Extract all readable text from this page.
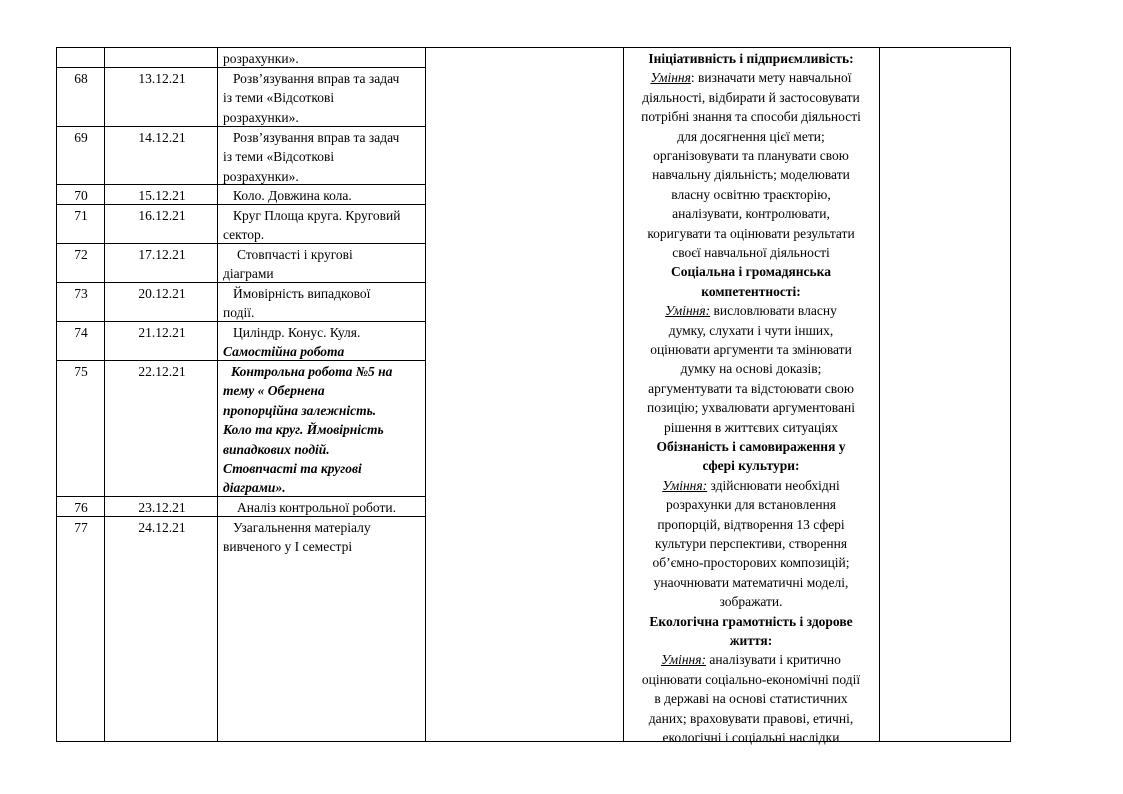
розрахунки».
68	13.12.21	Розв’язування вправ та задач
із теми «Відсоткові
розрахунки».
69	14.12.21	Розв’язування вправ та задач
із теми «Відсоткові
розрахунки».
70	15.12.21	Коло. Довжина кола.
71	16.12.21	Круг Площа круга. Круговий
сектор.
72	17.12.21	Стовпчасті і кругові
діаграми
73	20.12.21	Ймовірність випадкової
події.
74	21.12.21	Циліндр. Конус. Куля.
Самостійна робота
75	22.12.21	Контрольна робота №5 на
тему « Обернена
пропорційна залежність.
Коло та круг. Ймовірність
випадкових подій.
Стовпчасті та кругові
діаграми».
76	23.12.21	Аналіз контрольної роботи.
77	24.12.21	Узагальнення матеріалу
вивченого у І семестрі
Ініціативність і підприємливість:
Уміння: визначати мету навчальної
діяльності, відбирати й застосовувати
потрібні знання та способи діяльності
для досягнення цієї мети;
організовувати та планувати свою
навчальну діяльність; моделювати
власну освітню траєкторію,
аналізувати, контролювати,
коригувати та оцінювати результати
своєї навчальної діяльності
Соціальна і громадянська
компетентності:
Уміння: висловлювати власну
думку, слухати і чути інших,
оцінювати аргументи та змінювати
думку на основі доказів;
аргументувати та відстоювати свою
позицію; ухвалювати аргументовані
рішення в життєвих ситуаціях
Обізнаність і самовираження у
сфері культури:
Уміння: здійснювати необхідні
розрахунки для встановлення
пропорцій, відтворення 13 сфері
культури перспективи, створення
об’ємно-просторових композицій;
унаочнювати математичні моделі,
зображати.
Екологічна грамотність і здорове
життя:
Уміння: аналізувати і критично
оцінювати соціально-економічні події
в державі на основі статистичних
даних; враховувати правові, етичні,
екологічні і соціальні наслідки
